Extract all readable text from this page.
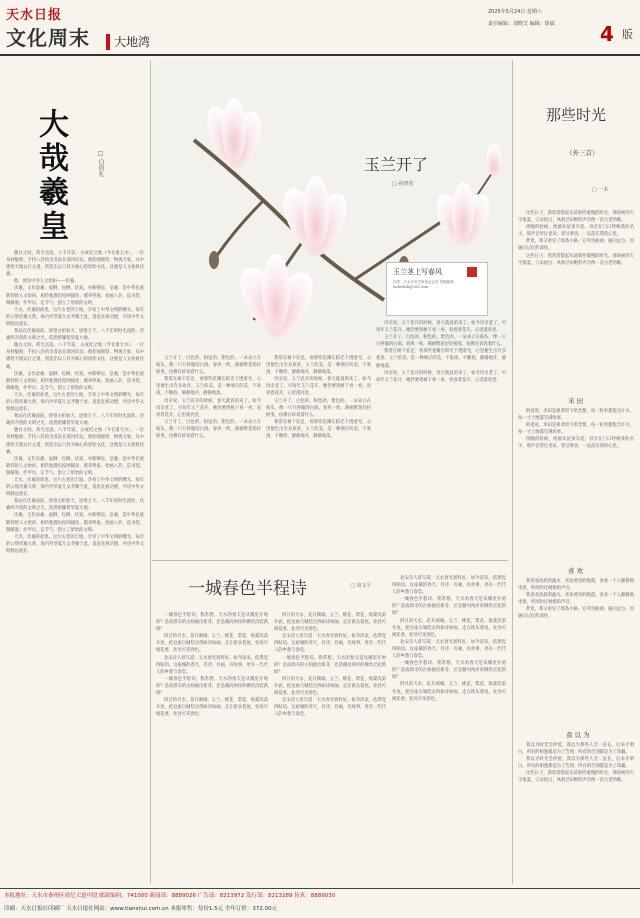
天水日报
文化周末 大地湾
2025年5月24日 星期六
责任编辑：刘晓艾 编辑：徐斌 4 版
大哉羲皇	□ 白尚礼

腹白之间，荷光焉浪。八千年前，古成纪之地（今甘肃天水），一位身材魁梧、手持八卦的圣者站在渭河岸边，他仰观俯察，物观万象，从中感悟天地运行之道，创造出以八卦为核心的原始文化，这便是人文始祖伏羲。

他，便是中华人文始祖——伏羲。

伏羲，又作宓羲、庖牺、包牺、伏戏，亦称牺皇、皇羲，是中华民族敬仰的人文始祖。相传他教民结网捕鱼、驯养牲畜，始画八卦，造书契，制嫁娶，作甲历，定节气，创立了原始的文明。

天水，伏羲的故里。这片古老的土地，孕育了中华文明的曙光。每年的公祭伏羲大典，海内外华夏儿女齐聚于此，追思先祖功德，共话中华文明源远流长。

我站在伏羲庙前，仰望古柏参天，思绪万千。八千年的时光流转，伏羲所开创的文明之光，依然照耀着华夏大地。

腹白之间，荷光焉浪。八千年前，古成纪之地（今甘肃天水），一位身材魁梧、手持八卦的圣者站在渭河岸边，他仰观俯察，物观万象，从中感悟天地运行之道，创造出以八卦为核心的原始文化，这便是人文始祖伏羲。

伏羲，又作宓羲、庖牺、包牺、伏戏，亦称牺皇、皇羲，是中华民族敬仰的人文始祖。相传他教民结网捕鱼、驯养牲畜，始画八卦，造书契，制嫁娶，作甲历，定节气，创立了原始的文明。

天水，伏羲的故里。这片古老的土地，孕育了中华文明的曙光。每年的公祭伏羲大典，海内外华夏儿女齐聚于此，追思先祖功德，共话中华文明源远流长。

我站在伏羲庙前，仰望古柏参天，思绪万千。八千年的时光流转，伏羲所开创的文明之光，依然照耀着华夏大地。

腹白之间，荷光焉浪。八千年前，古成纪之地（今甘肃天水），一位身材魁梧、手持八卦的圣者站在渭河岸边，他仰观俯察，物观万象，从中感悟天地运行之道，创造出以八卦为核心的原始文化，这便是人文始祖伏羲。

伏羲，又作宓羲、庖牺、包牺、伏戏，亦称牺皇、皇羲，是中华民族敬仰的人文始祖。相传他教民结网捕鱼、驯养牲畜，始画八卦，造书契，制嫁娶，作甲历，定节气，创立了原始的文明。

天水，伏羲的故里。这片古老的土地，孕育了中华文明的曙光。每年的公祭伏羲大典，海内外华夏儿女齐聚于此，追思先祖功德，共话中华文明源远流长。

我站在伏羲庙前，仰望古柏参天，思绪万千。八千年的时光流转，伏羲所开创的文明之光，依然照耀着华夏大地。

伏羲，又作宓羲、庖牺、包牺、伏戏，亦称牺皇、皇羲，是中华民族敬仰的人文始祖。相传他教民结网捕鱼、驯养牲畜，始画八卦，造书契，制嫁娶，作甲历，定节气，创立了原始的文明。

天水，伏羲的故里。这片古老的土地，孕育了中华文明的曙光。每年的公祭伏羲大典，海内外华夏儿女齐聚于此，追思先祖功德，共话中华文明源远流长。

玉兰开了
□ 孙晓莲
玉兰茎上写春风
作者：天水市书法家协会会员 投稿邮箱：tsrbwhzk@163.com

玉兰开了，白色的，粉色的，紫色的，一朵朵立在枝头，像一只只停歇的白鸽。春风一吹，满树繁花轻轻摇曳，仿佛在诉说着什么。

我常在树下驻足，看那些花瓣在阳光下透着光，心里便生出许多欢喜。玉兰的美，是一种端庄的美，不张扬，不媚俗，静静地开，静静地落。

母亲说，玉兰花开的时候，春天就真的来了。如今母亲老了，可每年玉兰花开，她仍要到树下看一看，说看着花开，心里就亮堂。

玉兰开了，白色的，粉色的，紫色的，一朵朵立在枝头，像一只只停歇的白鸽。春风一吹，满树繁花轻轻摇曳，仿佛在诉说着什么。

我常在树下驻足，看那些花瓣在阳光下透着光，心里便生出许多欢喜。玉兰的美，是一种端庄的美，不张扬，不媚俗，静静地开，静静地落。

母亲说，玉兰花开的时候，春天就真的来了。如今母亲老了，可每年玉兰花开，她仍要到树下看一看，说看着花开，心里就亮堂。

玉兰开了，白色的，粉色的，紫色的，一朵朵立在枝头，像一只只停歇的白鸽。春风一吹，满树繁花轻轻摇曳，仿佛在诉说着什么。

我常在树下驻足，看那些花瓣在阳光下透着光，心里便生出许多欢喜。玉兰的美，是一种端庄的美，不张扬，不媚俗，静静地开，静静地落。

母亲说，玉兰花开的时候，春天就真的来了。如今母亲老了，可每年玉兰花开，她仍要到树下看一看，说看着花开，心里就亮堂。

玉兰开了，白色的，粉色的，紫色的，一朵朵立在枝头，像一只只停歇的白鸽。春风一吹，满树繁花轻轻摇曳，仿佛在诉说着什么。

我常在树下驻足，看那些花瓣在阳光下透着光，心里便生出许多欢喜。玉兰的美，是一种端庄的美，不张扬，不媚俗，静静地开，静静地落。

母亲说，玉兰花开的时候，春天就真的来了。如今母亲老了，可每年玉兰花开，她仍要到树下看一看，说看着花开，心里就亮堂。

一城春色半程诗	□ 周文平

一城春色半程诗。我常想，天水的春天是从哪里开始的？是南郭寺的古柏抽出新芽，还是藉河两岸的柳丝泛起新绿？

四月的天水，花开满城。玉兰、桃花、梨花、海棠次第开放，把这座古城装点得如诗如画。走在街头巷尾，处处可闻花香，处处可见春色。

北宋诗人曾写道：天水春光别样好。如今读来，依然觉得贴切。这座城的春天，有诗，有画，有故事，更有一代代人的乡愁与眷恋。

一城春色半程诗。我常想，天水的春天是从哪里开始的？是南郭寺的古柏抽出新芽，还是藉河两岸的柳丝泛起新绿？

四月的天水，花开满城。玉兰、桃花、梨花、海棠次第开放，把这座古城装点得如诗如画。走在街头巷尾，处处可闻花香，处处可见春色。

四月的天水，花开满城。玉兰、桃花、梨花、海棠次第开放，把这座古城装点得如诗如画。走在街头巷尾，处处可闻花香，处处可见春色。

北宋诗人曾写道：天水春光别样好。如今读来，依然觉得贴切。这座城的春天，有诗，有画，有故事，更有一代代人的乡愁与眷恋。

一城春色半程诗。我常想，天水的春天是从哪里开始的？是南郭寺的古柏抽出新芽，还是藉河两岸的柳丝泛起新绿？

四月的天水，花开满城。玉兰、桃花、梨花、海棠次第开放，把这座古城装点得如诗如画。走在街头巷尾，处处可闻花香，处处可见春色。

北宋诗人曾写道：天水春光别样好。如今读来，依然觉得贴切。这座城的春天，有诗，有画，有故事，更有一代代人的乡愁与眷恋。

北宋诗人曾写道：天水春光别样好。如今读来，依然觉得贴切。这座城的春天，有诗，有画，有故事，更有一代代人的乡愁与眷恋。

一城春色半程诗。我常想，天水的春天是从哪里开始的？是南郭寺的古柏抽出新芽，还是藉河两岸的柳丝泛起新绿？

四月的天水，花开满城。玉兰、桃花、梨花、海棠次第开放，把这座古城装点得如诗如画。走在街头巷尾，处处可闻花香，处处可见春色。

北宋诗人曾写道：天水春光别样好。如今读来，依然觉得贴切。这座城的春天，有诗，有画，有故事，更有一代代人的乡愁与眷恋。

一城春色半程诗。我常想，天水的春天是从哪里开始的？是南郭寺的古柏抽出新芽，还是藉河两岸的柳丝泛起新绿？

四月的天水，花开满城。玉兰、桃花、梨花、海棠次第开放，把这座古城装点得如诗如画。走在街头巷尾，处处可闻花香，处处可见春色。

那些时光
（外三首）
□ 一米

这些日子，我常常想起从前那些缓慢的时光。那时候的天空很蓝，云朵很白，风吹过田野的声音像一首古老的歌。

傍晚的时候，炊烟从屋顶升起，母亲在门口呼唤我的名字。那声音穿过麦田，穿过黄昏，一直落在我的心里。

梦里，我又看见了那条小路。它弯弯曲曲，通向远方，也通向记忆的深处。

这些日子，我常常想起从前那些缓慢的时光。那时候的天空很蓝，云朵很白，风吹过田野的声音像一首古老的歌。

米 田

阿爸说，米田是祖辈留下的念想。每一粒米都饱含汗水，每一寸土地都写满故事。

阿爸说，米田是祖辈留下的念想。每一粒米都饱含汗水，每一寸土地都写满故事。

傍晚的时候，炊烟从屋顶升起，母亲在门口呼唤我的名字。那声音穿过麦田，穿过黄昏，一直落在我的心里。

喜 欢

我喜欢清晨的露水，喜欢黄昏的晚霞，喜欢一个人静静地坐着，听风吹过树梢的声音。

我喜欢清晨的露水，喜欢黄昏的晚霞，喜欢一个人静静地坐着，听风吹过树梢的声音。

梦里，我又看见了那条小路。它弯弯曲曲，通向远方，也通向记忆的深处。

我 以 为

我以为时光会停留，我以为那些人会一直在。后来才明白，所有的相逢都是为了告别，所有的告别都是为了珍藏。

我以为时光会停留，我以为那些人会一直在。后来才明白，所有的相逢都是为了告别，所有的告别都是为了珍藏。

这些日子，我常常想起从前那些缓慢的时光。那时候的天空很蓝，云朵很白，风吹过田野的声音像一首古老的歌。

本报地址：天水市秦州区成纪大道中段 邮政编码：741000 新闻部：8889026 广告部：8213972 发行部：8213289 传真：8889030
印刷：天水日报社印刷厂 天水日报社网站：www.tianshui.com.cn 本报零售：每份1.5元 全年订价：372.00元
